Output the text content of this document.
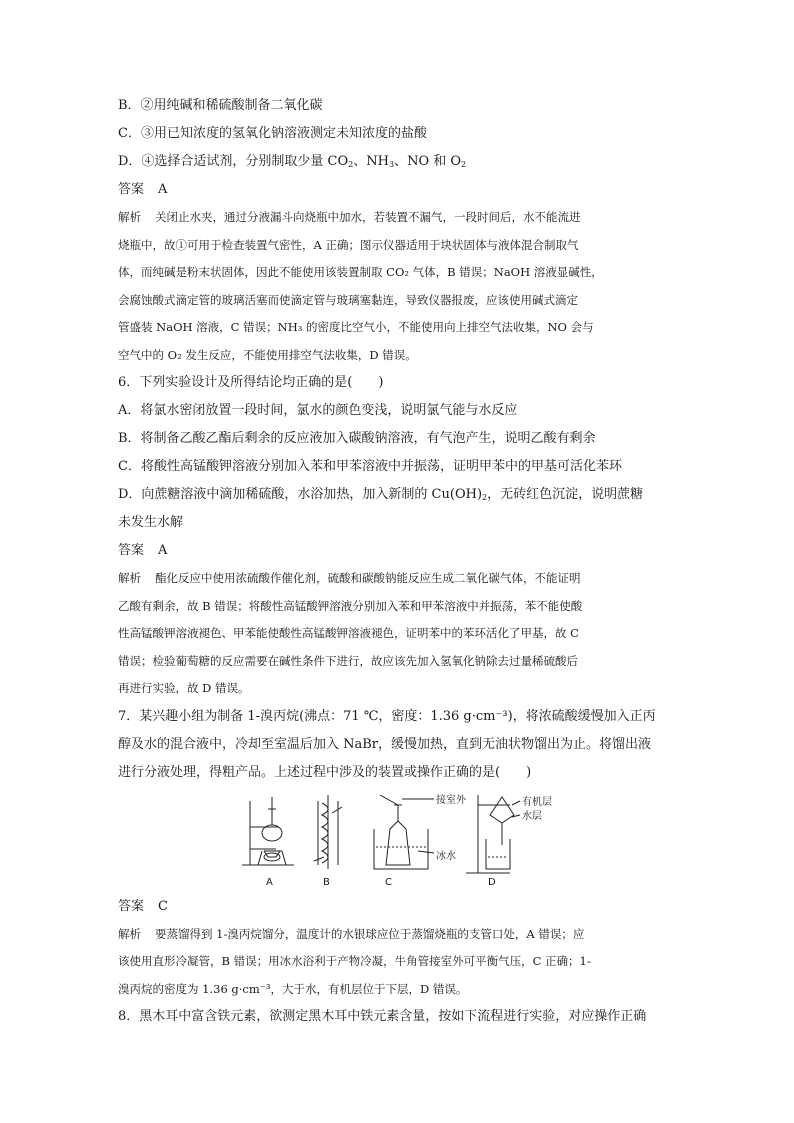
B．②用纯碱和稀硫酸制备二氧化碳
C．③用已知浓度的氢氧化钠溶液测定未知浓度的盐酸
D．④选择合适试剂，分别制取少量 $CO_2$、$NH_3$、NO 和 $O_2$
答案 A
解析 关闭止水夹，通过分液漏斗向烧瓶中加水，若装置不漏气，一段时间后，水不能流进
烧瓶中，故①可用于检查装置气密性，A 正确；图示仪器适用于块状固体与液体混合制取气
体，而纯碱是粉末状固体，因此不能使用该装置制取 CO₂ 气体，B 错误；NaOH 溶液显碱性，
会腐蚀酸式滴定管的玻璃活塞而使滴定管与玻璃塞黏连，导致仪器报废，应该使用碱式滴定
管盛装 NaOH 溶液，C 错误；NH₃ 的密度比空气小，不能使用向上排空气法收集，NO 会与
空气中的 O₂ 发生反应，不能使用排空气法收集，D 错误。
6．下列实验设计及所得结论均正确的是(　　)
A．将氯水密闭放置一段时间，氯水的颜色变浅，说明氯气能与水反应
B．将制备乙酸乙酯后剩余的反应液加入碳酸钠溶液，有气泡产生，说明乙酸有剩余
C．将酸性高锰酸钾溶液分别加入苯和甲苯溶液中并振荡，证明甲苯中的甲基可活化苯环
D．向蔗糖溶液中滴加稀硫酸，水浴加热，加入新制的 $Cu(OH)_2$，无砖红色沉淀，说明蔗糖
未发生水解
答案 A
解析 酯化反应中使用浓硫酸作催化剂，硫酸和碳酸钠能反应生成二氧化碳气体，不能证明
乙酸有剩余，故 B 错误；将酸性高锰酸钾溶液分别加入苯和甲苯溶液中并振荡，苯不能使酸
性高锰酸钾溶液褪色、甲苯能使酸性高锰酸钾溶液褪色，证明苯中的苯环活化了甲基，故 C
错误；检验葡萄糖的反应需要在碱性条件下进行，故应该先加入氢氧化钠除去过量稀硫酸后
再进行实验，故 D 错误。
7．某兴趣小组为制备 1-溴丙烷(沸点：71 ℃，密度：1.36 g·cm⁻³)，将浓硫酸缓慢加入正丙
醇及水的混合液中，冷却至室温后加入 NaBr，缓慢加热，直到无油状物馏出为止。将馏出液
进行分液处理，得粗产品。上述过程中涉及的装置或操作正确的是(　　)
A	B	C	D
接室外
冰水
有机层
水层
答案 C
解析 要蒸馏得到 1-溴丙烷馏分，温度计的水银球应位于蒸馏烧瓶的支管口处，A 错误；应
该使用直形冷凝管，B 错误；用冰水浴利于产物冷凝，牛角管接室外可平衡气压，C 正确；1-
溴丙烷的密度为 1.36 g·cm⁻³，大于水，有机层位于下层，D 错误。
8．黑木耳中富含铁元素，欲测定黑木耳中铁元素含量，按如下流程进行实验，对应操作正确
